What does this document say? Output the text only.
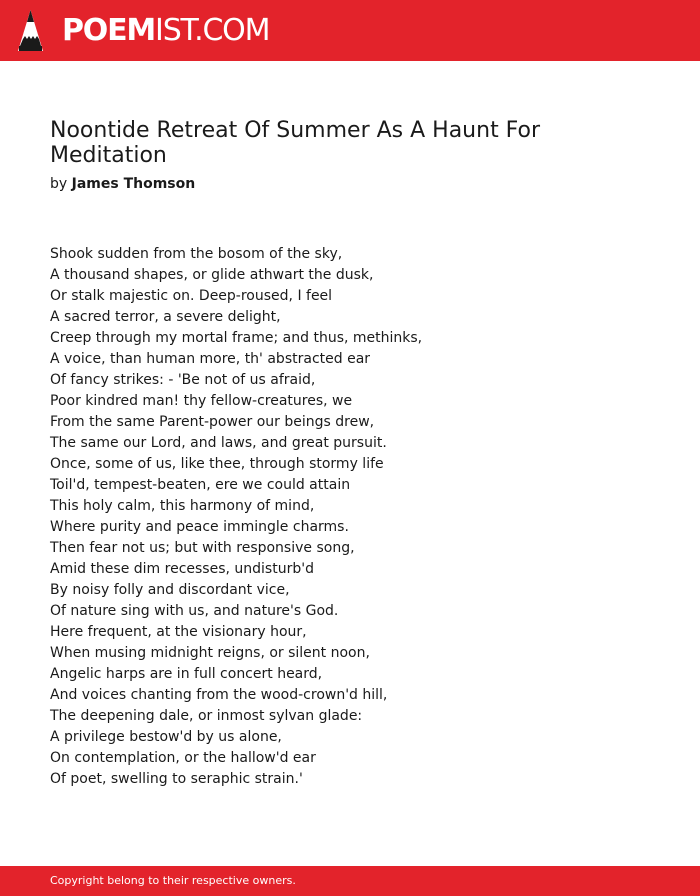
POEMIST.COM
Noontide Retreat Of Summer As A Haunt For Meditation

by James Thomson

Shook sudden from the bosom of the sky,
A thousand shapes, or glide athwart the dusk,
Or stalk majestic on. Deep-roused, I feel
A sacred terror, a severe delight,
Creep through my mortal frame; and thus, methinks,
A voice, than human more, th' abstracted ear
Of fancy strikes: - 'Be not of us afraid,
Poor kindred man! thy fellow-creatures, we
From the same Parent-power our beings drew,
The same our Lord, and laws, and great pursuit.
Once, some of us, like thee, through stormy life
Toil'd, tempest-beaten, ere we could attain
This holy calm, this harmony of mind,
Where purity and peace immingle charms.
Then fear not us; but with responsive song,
Amid these dim recesses, undisturb'd
By noisy folly and discordant vice,
Of nature sing with us, and nature's God.
Here frequent, at the visionary hour,
When musing midnight reigns, or silent noon,
Angelic harps are in full concert heard,
And voices chanting from the wood-crown'd hill,
The deepening dale, or inmost sylvan glade:
A privilege bestow'd by us alone,
On contemplation, or the hallow'd ear
Of poet, swelling to seraphic strain.'
Copyright belong to their respective owners.
